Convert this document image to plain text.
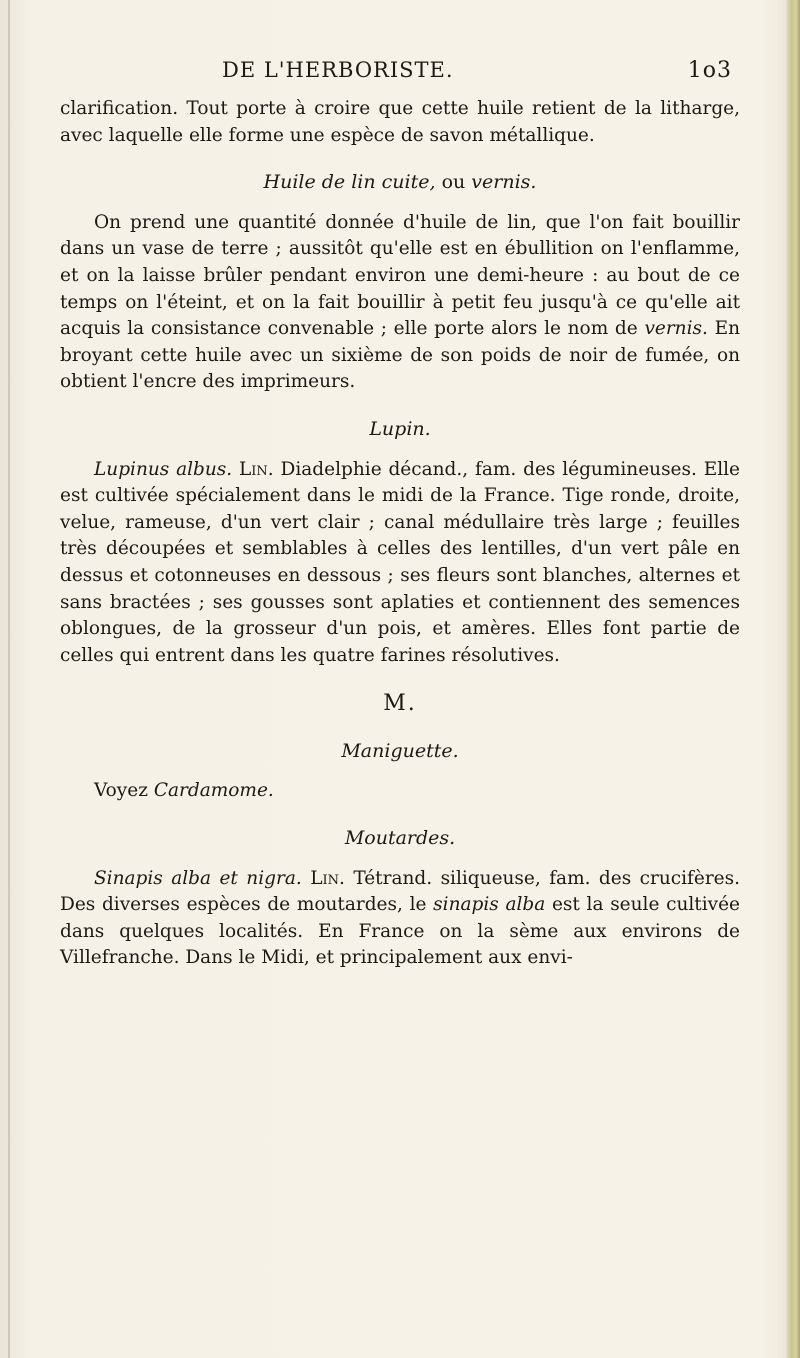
DE L'HERBORISTE.	1o3

clarification. Tout porte à croire que cette huile retient de la litharge, avec laquelle elle forme une espèce de savon métallique.

Huile de lin cuite, ou vernis.

On prend une quantité donnée d'huile de lin, que l'on fait bouillir dans un vase de terre ; aussitôt qu'elle est en ébullition on l'enflamme, et on la laisse brûler pendant environ une demi-heure : au bout de ce temps on l'éteint, et on la fait bouillir à petit feu jusqu'à ce qu'elle ait acquis la consistance convenable ; elle porte alors le nom de vernis. En broyant cette huile avec un sixième de son poids de noir de fumée, on obtient l'encre des imprimeurs.

Lupin.

Lupinus albus. Lin. Diadelphie décand., fam. des légumineuses. Elle est cultivée spécialement dans le midi de la France. Tige ronde, droite, velue, rameuse, d'un vert clair ; canal médullaire très large ; feuilles très découpées et semblables à celles des lentilles, d'un vert pâle en dessus et cotonneuses en dessous ; ses fleurs sont blanches, alternes et sans bractées ; ses gousses sont aplaties et contiennent des semences oblongues, de la grosseur d'un pois, et amères. Elles font partie de celles qui entrent dans les quatre farines résolutives.

M.
Maniguette.

Voyez Cardamome.

Moutardes.

Sinapis alba et nigra. Lin. Tétrand. siliqueuse, fam. des crucifères. Des diverses espèces de moutardes, le sinapis alba est la seule cultivée dans quelques localités. En France on la sème aux environs de Villefranche. Dans le Midi, et principalement aux envi-
